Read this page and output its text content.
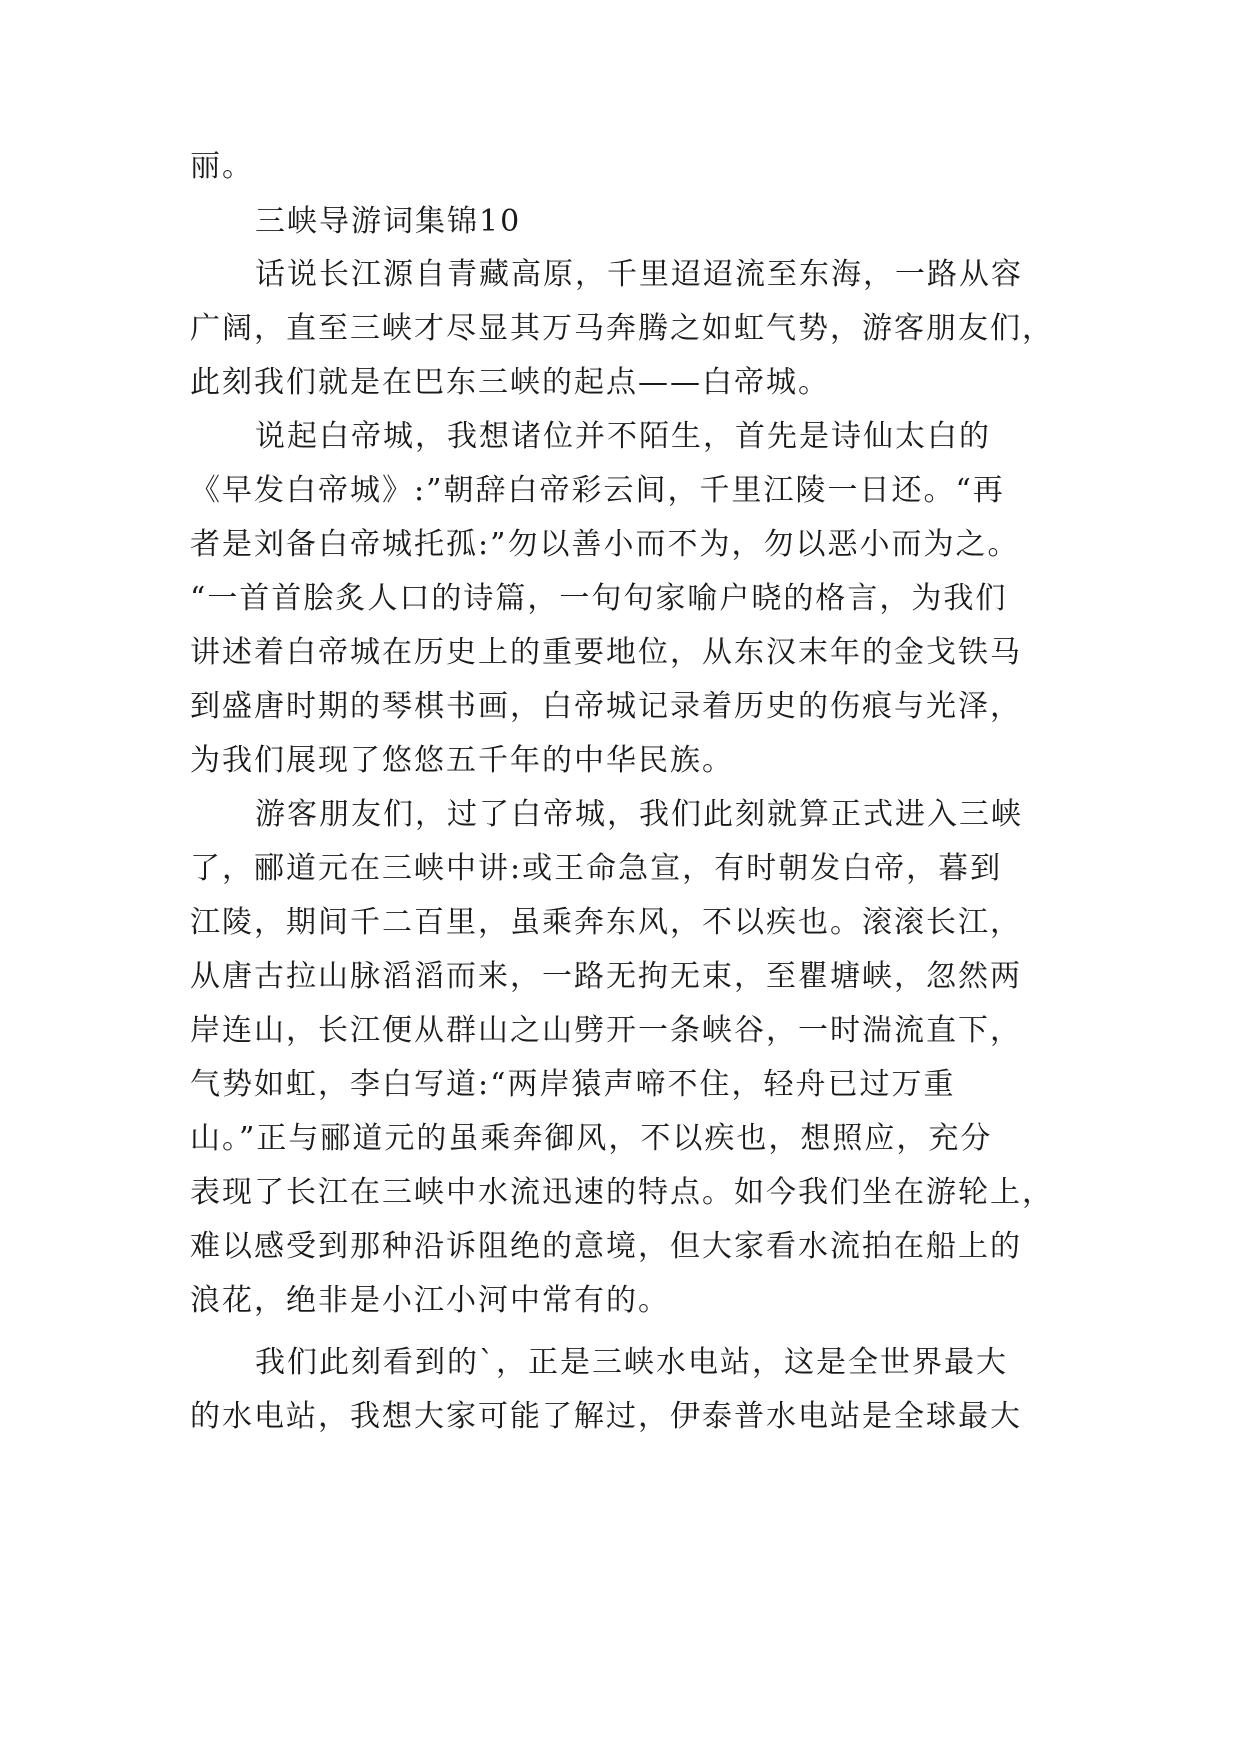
丽。
三峡导游词集锦10
话说长江源自青藏高原，千里迢迢流至东海，一路从容
广阔，直至三峡才尽显其万马奔腾之如虹气势，游客朋友们，
此刻我们就是在巴东三峡的起点——白帝城。
说起白帝城，我想诸位并不陌生，首先是诗仙太白的
《早发白帝城》:”朝辞白帝彩云间，千里江陵一日还。“再
者是刘备白帝城托孤:”勿以善小而不为，勿以恶小而为之。
“一首首脍炙人口的诗篇，一句句家喻户晓的格言，为我们
讲述着白帝城在历史上的重要地位，从东汉末年的金戈铁马
到盛唐时期的琴棋书画，白帝城记录着历史的伤痕与光泽，
为我们展现了悠悠五千年的中华民族。
游客朋友们，过了白帝城，我们此刻就算正式进入三峡
了，郦道元在三峡中讲:或王命急宣，有时朝发白帝，暮到
江陵，期间千二百里，虽乘奔东风，不以疾也。滚滚长江，
从唐古拉山脉滔滔而来，一路无拘无束，至瞿塘峡，忽然两
岸连山，长江便从群山之山劈开一条峡谷，一时湍流直下，
气势如虹，李白写道:“两岸猿声啼不住，轻舟已过万重
山。”正与郦道元的虽乘奔御风，不以疾也，想照应，充分
表现了长江在三峡中水流迅速的特点。如今我们坐在游轮上，
难以感受到那种沿诉阻绝的意境，但大家看水流拍在船上的
浪花，绝非是小江小河中常有的。
我们此刻看到的`，正是三峡水电站，这是全世界最大
的水电站，我想大家可能了解过，伊泰普水电站是全球最大
